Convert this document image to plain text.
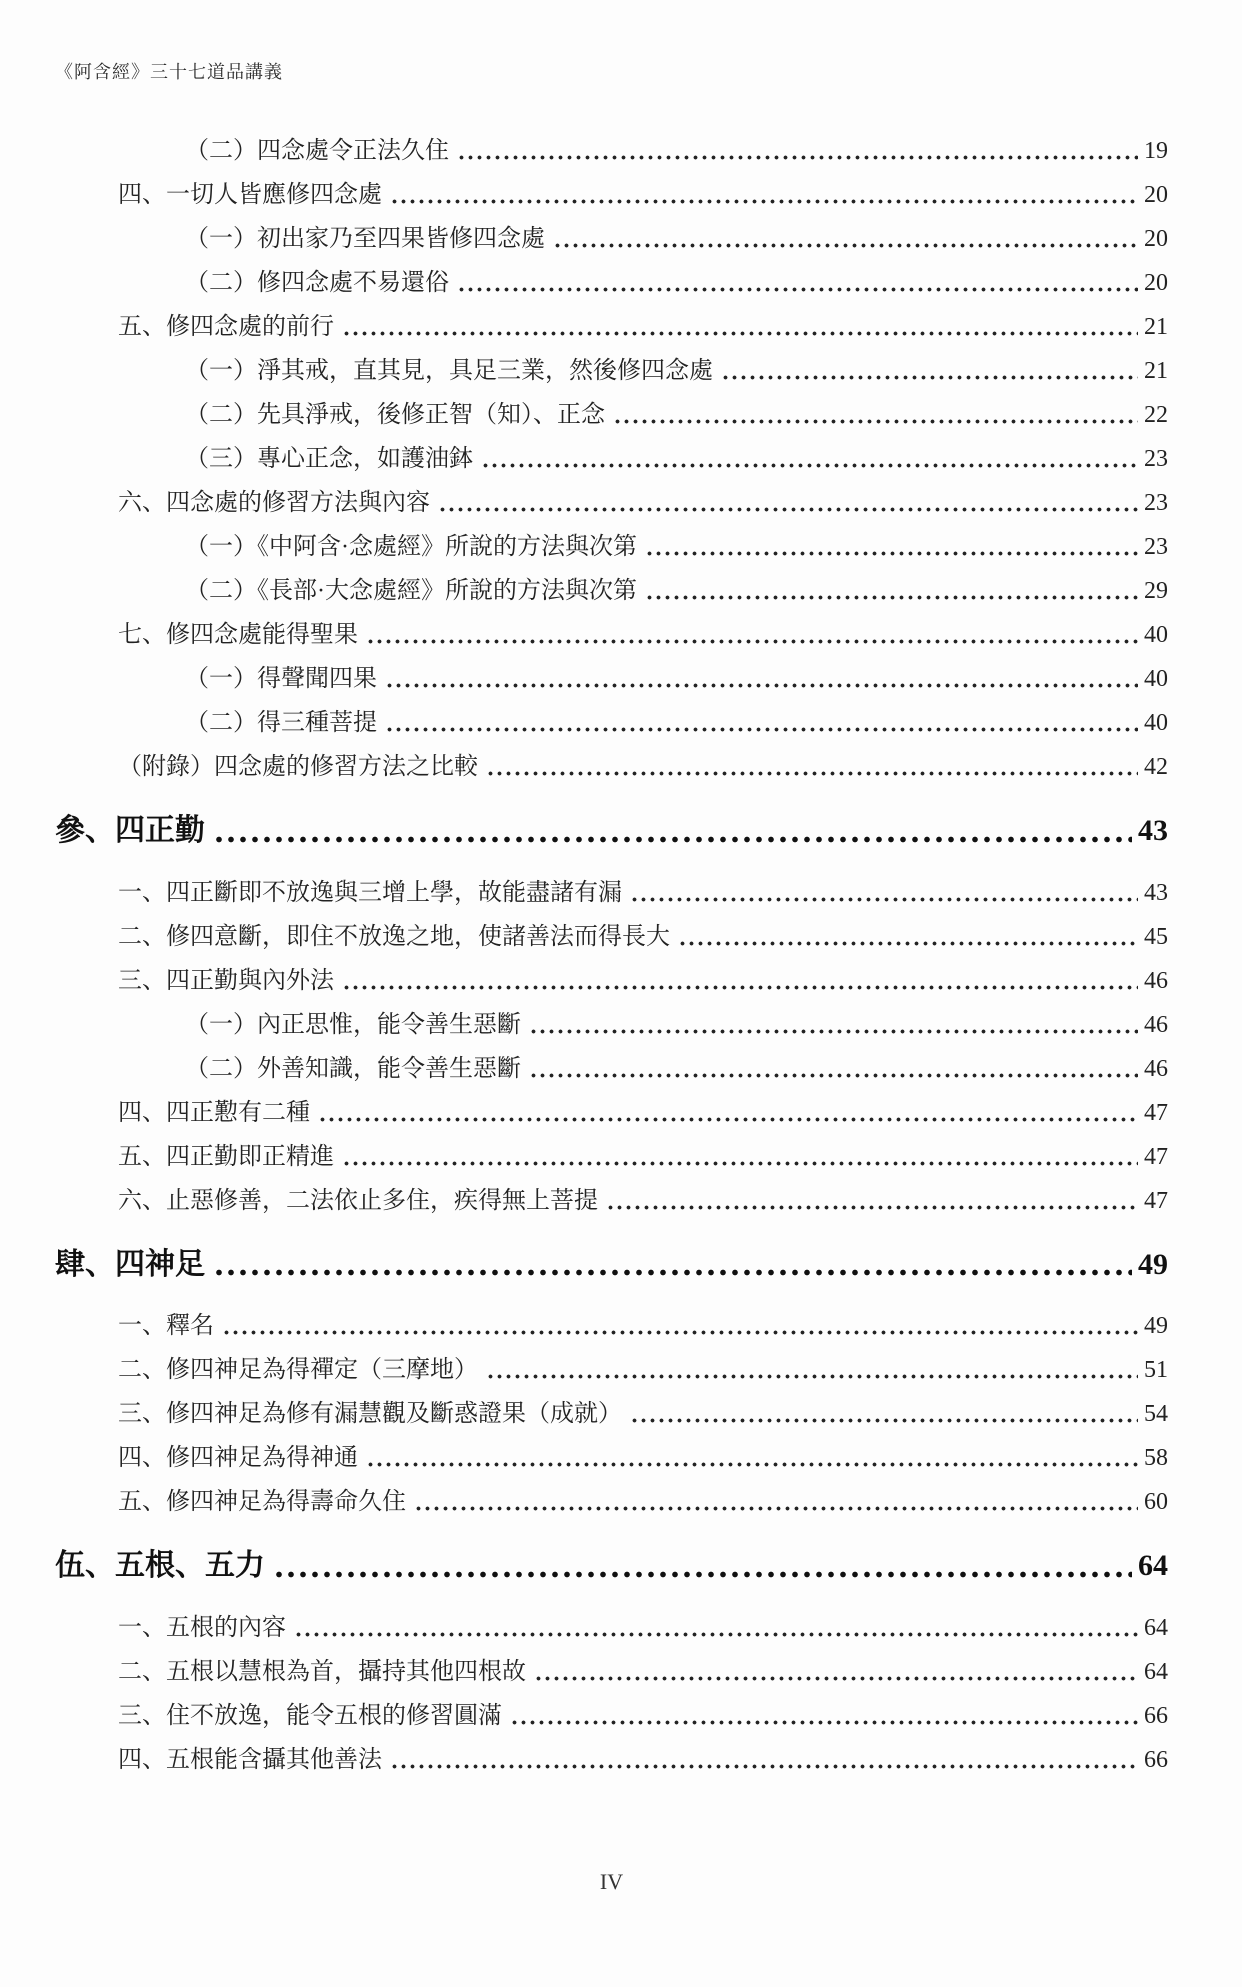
《阿含經》三十七道品講義
（二）四念處令正法久住	19
四、一切人皆應修四念處	20
（一）初出家乃至四果皆修四念處	20
（二）修四念處不易還俗	20
五、修四念處的前行	21
（一）淨其戒，直其見，具足三業，然後修四念處	21
（二）先具淨戒，後修正智（知）、正念	22
（三）專心正念，如護油鉢	23
六、四念處的修習方法與內容	23
（一）《中阿含·念處經》所說的方法與次第	23
（二）《長部·大念處經》所說的方法與次第	29
七、修四念處能得聖果	40
（一）得聲聞四果	40
（二）得三種菩提	40
（附錄）四念處的修習方法之比較	42
參、四正勤	43
一、四正斷即不放逸與三增上學，故能盡諸有漏	43
二、修四意斷，即住不放逸之地，使諸善法而得長大	45
三、四正勤與內外法	46
（一）內正思惟，能令善生惡斷	46
（二）外善知識，能令善生惡斷	46
四、四正懃有二種	47
五、四正勤即正精進	47
六、止惡修善，二法依止多住，疾得無上菩提	47
肆、四神足	49
一、釋名	49
二、修四神足為得禪定（三摩地）	51
三、修四神足為修有漏慧觀及斷惑證果（成就）	54
四、修四神足為得神通	58
五、修四神足為得壽命久住	60
伍、五根、五力	64
一、五根的內容	64
二、五根以慧根為首，攝持其他四根故	64
三、住不放逸，能令五根的修習圓滿	66
四、五根能含攝其他善法	66
IV
